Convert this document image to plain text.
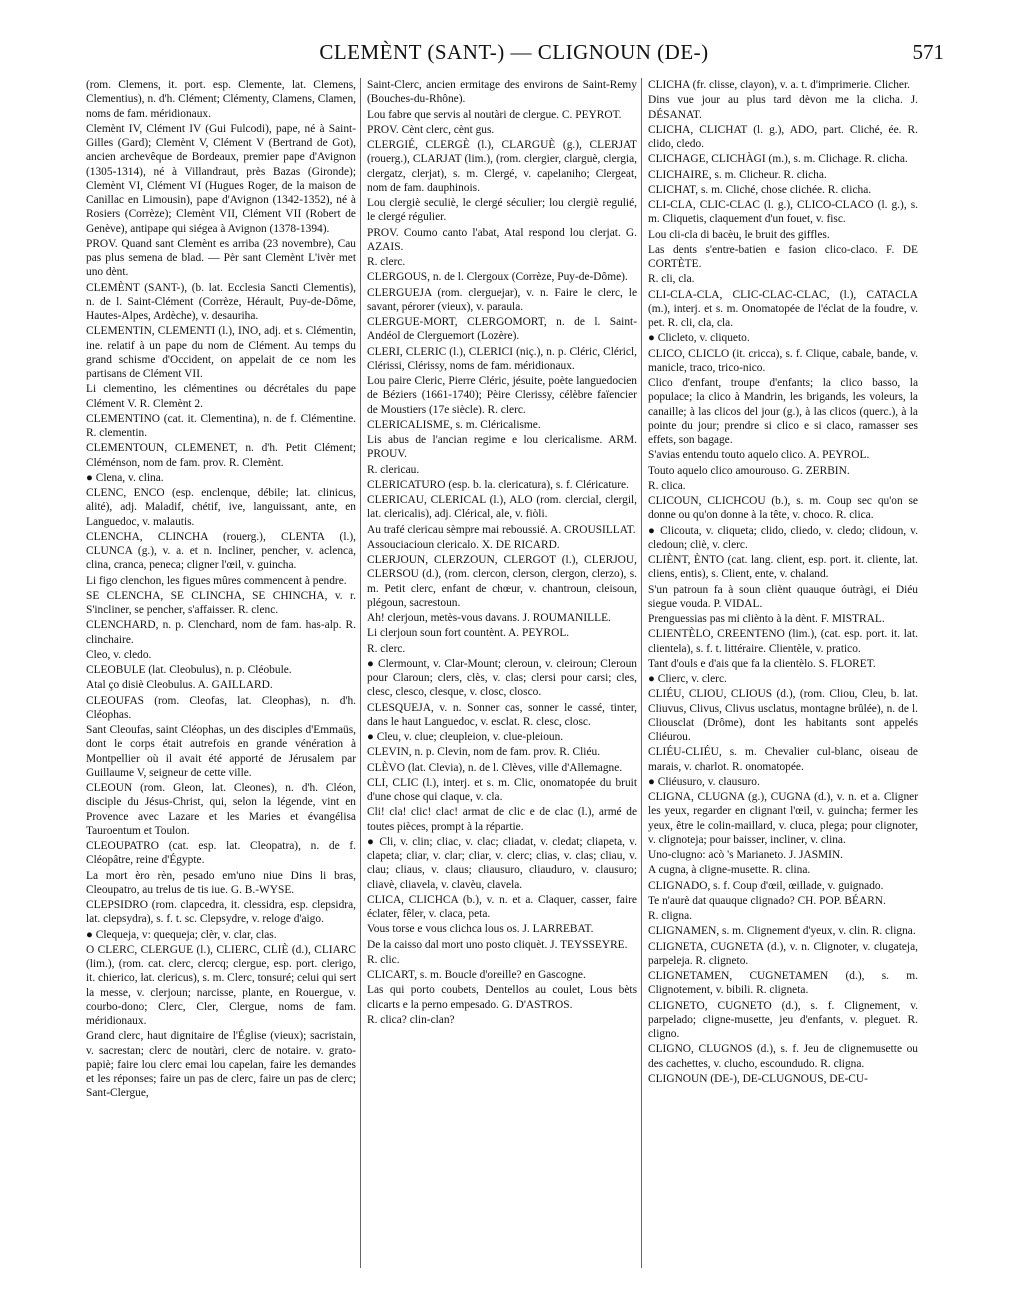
CLEMÈNT (SANT-) — CLIGNOUN (DE-)	571

(rom. Clemens, it. port. esp. Clemente, lat. Clemens, Clementius), n. d'h. Clément; Clémenty, Clamens, Clamen, noms de fam. méridionaux.

Clemènt IV, Clément IV (Gui Fulcodi), pape, né à Saint-Gilles (Gard); Clemènt V, Clément V (Bertrand de Got), ancien archevêque de Bordeaux, premier pape d'Avignon (1305-1314), né à Villandraut, près Bazas (Gironde); Clemènt VI, Clément VI (Hugues Roger, de la maison de Canillac en Limousin), pape d'Avignon (1342-1352), né à Rosiers (Corrèze); Clemènt VII, Clément VII (Robert de Genève), antipape qui siégea à Avignon (1378-1394).

PROV. Quand sant Clemènt es arriba (23 novembre), Cau pas plus semena de blad. — Pèr sant Clemènt L'ivèr met uno dènt.

CLEMÈNT (SANT-), (b. lat. Ecclesia Sancti Clementis), n. de l. Saint-Clément (Corrèze, Hérault, Puy-de-Dôme, Hautes-Alpes, Ardèche), v. desauriha.

CLEMENTIN, CLEMENTI (l.), INO, adj. et s. Clémentin, ine. relatif à un pape du nom de Clément. Au temps du grand schisme d'Occident, on appelait de ce nom les partisans de Clément VII.

Li clementino, les clémentines ou décrétales du pape Clément V. R. Clemènt 2.

CLEMENTINO (cat. it. Clementina), n. de f. Clémentine. R. clementin.

CLEMENTOUN, CLEMENET, n. d'h. Petit Clément; Cléménson, nom de fam. prov. R. Clemènt.

● Clena, v. clina.

CLENC, ENCO (esp. enclenque, débile; lat. clinicus, alité), adj. Maladif, chétif, ive, languissant, ante, en Languedoc, v. malautis.

CLENCHA, CLINCHA (rouerg.), CLENTA (l.), CLUNCA (g.), v. a. et n. Incliner, pencher, v. aclenca, clina, cranca, peneca; cligner l'œil, v. guincha.

Li figo clenchon, les figues mûres commencent à pendre.

SE CLENCHA, SE CLINCHA, SE CHINCHA, v. r. S'incliner, se pencher, s'affaisser. R. clenc.

CLENCHARD, n. p. Clenchard, nom de fam. has-alp. R. clinchaire.

Cleo, v. cledo.

CLEOBULE (lat. Cleobulus), n. p. Cléobule.

Atal ço disiè Cleobulus. A. GAILLARD.

CLEOUFAS (rom. Cleofas, lat. Cleophas), n. d'h. Cléophas.

Sant Cleoufas, saint Cléophas, un des disciples d'Emmaüs, dont le corps était autrefois en grande vénération à Montpellier où il avait été apporté de Jérusalem par Guillaume V, seigneur de cette ville.

CLEOUN (rom. Gleon, lat. Cleones), n. d'h. Cléon, disciple du Jésus-Christ, qui, selon la légende, vint en Provence avec Lazare et les Maries et évangélisa Tauroentum et Toulon.

CLEOUPATRO (cat. esp. lat. Cleopatra), n. de f. Cléopâtre, reine d'Égypte.

La mort èro rèn, pesado em'uno niue Dins li bras, Cleoupatro, au trelus de tis iue. G. B.-WYSE.

CLEPSIDRO (rom. clapcedra, it. clessidra, esp. clepsidra, lat. clepsydra), s. f. t. sc. Clepsydre, v. reloge d'aigo.

● Clequeja, v: quequeja; clèr, v. clar, clas.

O CLERC, CLERGUE (l.), CLIERC, CLIÈ (d.), CLIARC (lim.), (rom. cat. clerc, clercq; clergue, esp. port. clerigo, it. chierico, lat. clericus), s. m. Clerc, tonsuré; celui qui sert la messe, v. clerjoun; narcisse, plante, en Rouergue, v. courbo-dono; Clerc, Cler, Clergue, noms de fam. méridionaux.

Grand clerc, haut dignitaire de l'Église (vieux); sacristain, v. sacrestan; clerc de noutàri, clerc de notaire. v. grato-papiè; faire lou clerc emai lou capelan, faire les demandes et les réponses; faire un pas de clerc, faire un pas de clerc; Sant-Clergue,

Saint-Clerc, ancien ermitage des environs de Saint-Remy (Bouches-du-Rhône).

Lou fabre que servis al noutàri de clergue. C. PEYROT.

PROV. Cènt clerc, cènt gus.

CLERGIÉ, CLERGÈ (l.), CLARGUÈ (g.), CLERJAT (rouerg.), CLARJAT (lim.), (rom. clergier, clarguè, clergia, clergatz, clerjat), s. m. Clergé, v. capelaniho; Clergeat, nom de fam. dauphinois.

Lou clergiè seculiè, le clergé séculier; lou clergiè regulié, le clergé régulier.

PROV. Coumo canto l'abat, Atal respond lou clerjat. G. AZAIS.

R. clerc.

CLERGOUS, n. de l. Clergoux (Corrèze, Puy-de-Dôme).

CLERGUEJA (rom. clerguejar), v. n. Faire le clerc, le savant, pérorer (vieux), v. paraula.

CLERGUE-MORT, CLERGOMORT, n. de l. Saint-Andéol de Clerguemort (Lozère).

CLERI, CLERIC (l.), CLERICI (niç.), n. p. Cléric, Cléricl, Clérissi, Clérissy, noms de fam. méridionaux.

Lou paire Cleric, Pierre Cléric, jésuite, poète languedocien de Béziers (1661-1740); Pèire Clerissy, célèbre faïencier de Moustiers (17e siècle). R. clerc.

CLERICALISME, s. m. Cléricalisme.

Lis abus de l'ancian regime e lou clericalisme. ARM. PROUV.

R. clericau.

CLERICATURO (esp. b. la. clericatura), s. f. Cléricature.

CLERICAU, CLERICAL (l.), ALO (rom. clercial, clergil, lat. clericalis), adj. Clérical, ale, v. fiòli.

Au trafé clericau sèmpre mai reboussié. A. CROUSILLAT.

Assouciacioun clericalo. X. DE RICARD.

CLERJOUN, CLERZOUN, CLERGOT (l.), CLERJOU, CLERSOU (d.), (rom. clercon, clerson, clergon, clerzo), s. m. Petit clerc, enfant de chœur, v. chantroun, cleisoun, plégoun, sacrestoun.

Ah! clerjoun, metès-vous davans. J. ROUMANILLE.

Li clerjoun soun fort countènt. A. PEYROL.

R. clerc.

● Clermount, v. Clar-Mount; cleroun, v. cleiroun; Cleroun pour Claroun; clers, clès, v. clas; clersi pour carsi; cles, clesc, clesco, clesque, v. closc, closco.

CLESQUEJA, v. n. Sonner cas, sonner le cassé, tinter, dans le haut Languedoc, v. esclat. R. clesc, closc.

● Cleu, v. clue; cleupleion, v. clue-pleioun.

CLEVIN, n. p. Clevin, nom de fam. prov. R. Cliéu.

CLÈVO (lat. Clevia), n. de l. Clèves, ville d'Allemagne.

CLI, CLIC (l.), interj. et s. m. Clic, onomatopée du bruit d'une chose qui claque, v. cla.

Cli! cla! clic! clac! armat de clic e de clac (l.), armé de toutes pièces, prompt à la répartie.

● Cli, v. clin; cliac, v. clac; cliadat, v. cledat; cliapeta, v. clapeta; cliar, v. clar; cliar, v. clerc; clias, v. clas; cliau, v. clau; cliaus, v. claus; cliausuro, cliauduro, v. clausuro; cliavè, cliavela, v. clavèu, clavela.

CLICA, CLICHCA (b.), v. n. et a. Claquer, casser, faire éclater, fêler, v. claca, peta.

Vous torse e vous clichca lous os. J. LARREBAT.

De la caisso dal mort uno posto cliquèt. J. TEYSSEYRE.

R. clic.

CLICART, s. m. Boucle d'oreille? en Gascogne.

Las qui porto coubets, Dentellos au coulet, Lous bèts clicarts e la perno empesado. G. D'ASTROS.

R. clica? clin-clan?

CLICHA (fr. clisse, clayon), v. a. t. d'imprimerie. Clicher.

Dins vue jour au plus tard dèvon me la clicha. J. DÉSANAT.

CLICHA, CLICHAT (l. g.), ADO, part. Cliché, ée. R. clido, cledo.

CLICHAGE, CLICHÀGI (m.), s. m. Clichage. R. clicha.

CLICHAIRE, s. m. Clicheur. R. clicha.

CLICHAT, s. m. Cliché, chose clichée. R. clicha.

CLI-CLA, CLIC-CLAC (l. g.), CLICO-CLACO (l. g.), s. m. Cliquetis, claquement d'un fouet, v. fisc.

Lou cli-cla di bacèu, le bruit des giffles.

Las dents s'entre-batien e fasion clico-claco. F. DE CORTÈTE.

R. cli, cla.

CLI-CLA-CLA, CLIC-CLAC-CLAC, (l.), CATACLA (m.), interj. et s. m. Onomatopée de l'éclat de la foudre, v. pet. R. cli, cla, cla.

● Clicleto, v. cliqueto.

CLICO, CLICLO (it. cricca), s. f. Clique, cabale, bande, v. manicle, traco, trico-nico.

Clico d'enfant, troupe d'enfants; la clico basso, la populace; la clico à Mandrin, les brigands, les voleurs, la canaille; à las clicos del jour (g.), à las clicos (querc.), à la pointe du jour; prendre si clico e si claco, ramasser ses effets, son bagage.

S'avias entendu touto aquelo clico. A. PEYROL.

Touto aquelo clico amourouso. G. ZERBIN.

R. clica.

CLICOUN, CLICHCOU (b.), s. m. Coup sec qu'on se donne ou qu'on donne à la tête, v. choco. R. clica.

● Clicouta, v. cliqueta; clido, cliedo, v. cledo; clidoun, v. cledoun; cliè, v. clerc.

CLIÈNT, ÈNTO (cat. lang. client, esp. port. it. cliente, lat. cliens, entis), s. Client, ente, v. chaland.

S'un patroun fa à soun cliènt quauque óutràgi, ei Diéu siegue vouda. P. VIDAL.

Prenguessias pas mi cliènto à la dènt. F. MISTRAL.

CLIENTÈLO, CREENTENO (lim.), (cat. esp. port. it. lat. clientela), s. f. t. littéraire. Clientèle, v. pratico.

Tant d'ouls e d'ais que fa la clientèlo. S. FLORET.

● Clierc, v. clerc.

CLIÉU, CLIOU, CLIOUS (d.), (rom. Cliou, Cleu, b. lat. Cliuvus, Clivus, Clivus usclatus, montagne brûlée), n. de l. Cliousclat (Drôme), dont les habitants sont appelés Cliéurou.

CLIÉU-CLIÉU, s. m. Chevalier cul-blanc, oiseau de marais, v. charlot. R. onomatopée.

● Cliéusuro, v. clausuro.

CLIGNA, CLUGNA (g.), CUGNA (d.), v. n. et a. Cligner les yeux, regarder en clignant l'œil, v. guincha; fermer les yeux, être le colin-maillard, v. cluca, plega; pour clignoter, v. clignoteja; pour baisser, incliner, v. clina.

Uno-clugno: acò 's Marianeto. J. JASMIN.

A cugna, à cligne-musette. R. clina.

CLIGNADO, s. f. Coup d'œil, œillade, v. guignado.

Te n'aurè dat quauque clignado? CH. POP. BÉARN.

R. cligna.

CLIGNAMEN, s. m. Clignement d'yeux, v. clin. R. cligna.

CLIGNETA, CUGNETA (d.), v. n. Clignoter, v. clugateja, parpeleja. R. cligneto.

CLIGNETAMEN, CUGNETAMEN (d.), s. m. Clignotement, v. bibili. R. clignetа.

CLIGNETO, CUGNETO (d.), s. f. Clignement, v. parpelado; cligne-musette, jeu d'enfants, v. pleguet. R. cligno.

CLIGNO, CLUGNOS (d.), s. f. Jeu de clignemusette ou des cachettes, v. clucho, escoundudo. R. cligna.

CLIGNOUN (DE-), DE-CLUGNOUS, DE-CU-
